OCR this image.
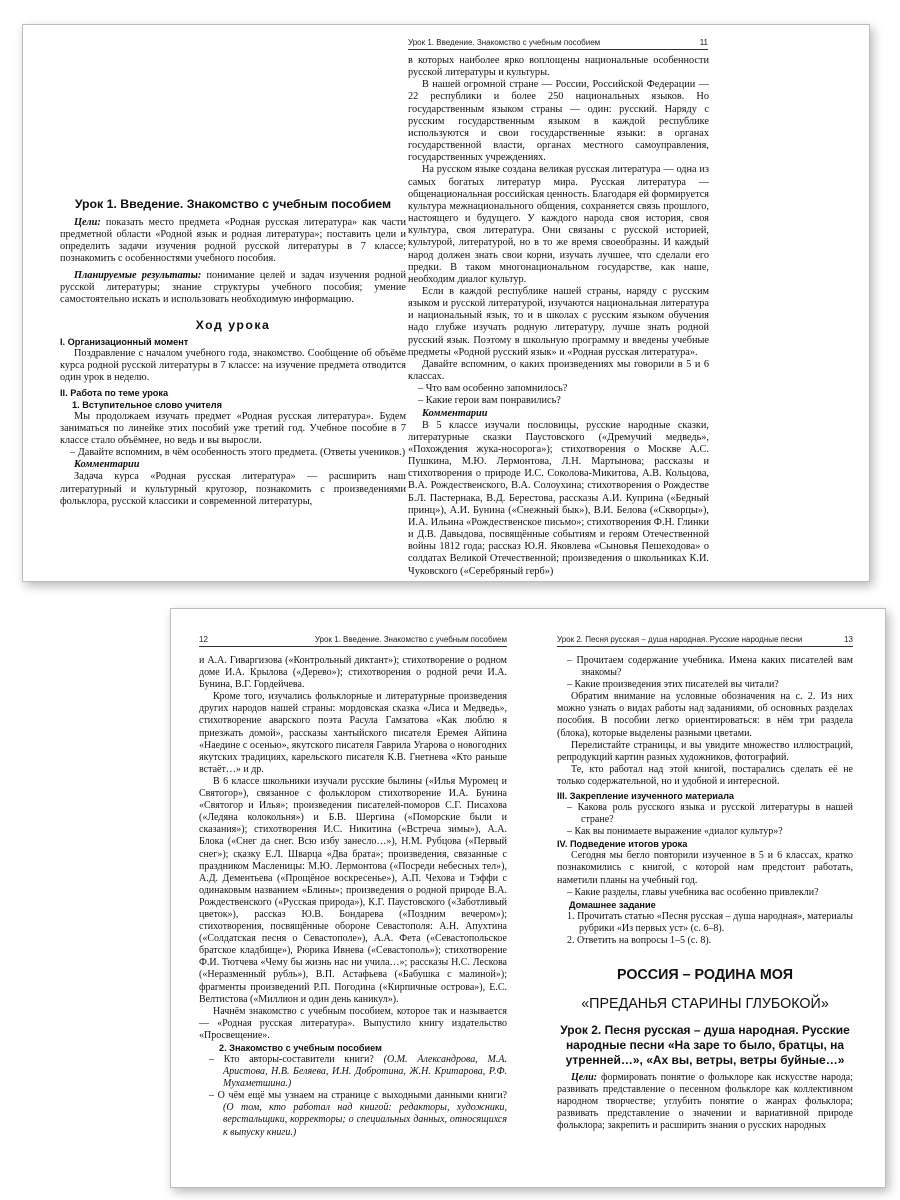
Урок 1. Введение. Знакомство с учебным пособием

Цели: показать место предмета «Родная русская литература» как части предметной области «Родной язык и родная литература»; поставить цели и определить задачи изучения родной русской литературы в 7 классе; познакомить с особенностями учебного пособия.

Планируемые результаты: понимание целей и задач изучения родной русской литературы; знание структуры учебного пособия; умение самостоятельно искать и использовать необходимую информацию.

Ход урока

I. Организационный момент

Поздравление с началом учебного года, знакомство. Сообщение об объёме курса родной русской литературы в 7 классе: на изучение предмета отводится один урок в неделю.

II. Работа по теме урока

1. Вступительное слово учителя

Мы продолжаем изучать предмет «Родная русская литература». Будем заниматься по линейке этих пособий уже третий год. Учебное пособие в 7 классе стало объёмнее, но ведь и вы выросли.

– Давайте вспомним, в чём особенность этого предмета. (Ответы учеников.)

Комментарии

Задача курса «Родная русская литература» — расширить наш литературный и культурный кругозор, познакомить с произведениями фольклора, русской классики и современной литературы,

Урок 1. Введение. Знакомство с учебным пособием	11

в которых наиболее ярко воплощены национальные особенности русской литературы и культуры.

В нашей огромной стране — России, Российской Федерации — 22 республики и более 250 национальных языков. Но государственным языком страны — один: русский. Наряду с русским государственным языком в каждой республике используются и свои государственные языки: в органах государственной власти, органах местного самоуправления, государственных учреждениях.

На русском языке создана великая русская литература — одна из самых богатых литератур мира. Русская литература — общенациональная российская ценность. Благодаря ей формируется культура межнационального общения, сохраняется связь прошлого, настоящего и будущего. У каждого народа своя история, своя культура, своя литература. Они связаны с русской историей, культурой, литературой, но в то же время своеобразны. И каждый народ должен знать свои корни, изучать лучшее, что сделали его предки. В таком многонациональном государстве, как наше, необходим диалог культур.

Если в каждой республике нашей страны, наряду с русским языком и русской литературой, изучаются национальная литература и национальный язык, то и в школах с русским языком обучения надо глубже изучать родную литературу, лучше знать родной русский язык. Поэтому в школьную программу и введены учебные предметы «Родной русский язык» и «Родная русская литература».

Давайте вспомним, о каких произведениях мы говорили в 5 и 6 классах.

– Что вам особенно запомнилось?

– Какие герои вам понравились?

Комментарии

В 5 классе изучали пословицы, русские народные сказки, литературные сказки Паустовского («Дремучий медведь», «Похождения жука-носорога»); стихотворения о Москве А.С. Пушкина, М.Ю. Лермонтова, Л.Н. Мартынова; рассказы и стихотворения о природе И.С. Соколова-Микитова, А.В. Кольцова, В.А. Рождественского, В.А. Солоухина; стихотворения о Рождестве Б.Л. Пастернака, В.Д. Берестова, рассказы А.И. Куприна («Бедный принц»), А.И. Бунина («Снежный бык»), В.И. Белова («Скворцы»), И.А. Ильина «Рождественское письмо»; стихотворения Ф.Н. Глинки и Д.В. Давыдова, посвящённые событиям и героям Отечественной войны 1812 года; рассказ Ю.Я. Яковлева «Сыновья Пешеходова» о солдатах Великой Отечественной; произведения о школьниках К.И. Чуковского («Серебряный герб»)

12	Урок 1. Введение. Знакомство с учебным пособием

и А.А. Гиваргизова («Контрольный диктант»); стихотворение о родном доме И.А. Крылова («Дерево»); стихотворения о родной речи И.А. Бунина, В.Г. Гордейчева.

Кроме того, изучались фольклорные и литературные произведения других народов нашей страны: мордовская сказка «Лиса и Медведь», стихотворение аварского поэта Расула Гамзатова «Как люблю я приезжать домой», рассказы хантыйского писателя Еремея Айпина «Наедине с осенью», якутского писателя Гаврила Угарова о новогодних якутских традициях, карельского писателя К.В. Гнетнева «Кто раньше встаёт…» и др.

В 6 классе школьники изучали русские былины («Илья Муромец и Святогор»), связанное с фольклором стихотворение И.А. Бунина «Святогор и Илья»; произведения писателей-поморов С.Г. Писахова («Ледяна колокольня») и Б.В. Шергина («Поморские были и сказания»); стихотворения И.С. Никитина («Встреча зимы»), А.А. Блока («Снег да снег. Всю избу занесло…»), Н.М. Рубцова («Первый снег»); сказку Е.Л. Шварца «Два брата»; произведения, связанные с праздником Масленицы: М.Ю. Лермонтова («Посреди небесных тел»), А.Д. Дементьева («Прощёное воскресенье»), А.П. Чехова и Тэффи с одинаковым названием «Блины»; произведения о родной природе В.А. Рождественского («Русская природа»), К.Г. Паустовского («Заботливый цветок»), рассказ Ю.В. Бондарева («Поздним вечером»); стихотворения, посвящённые обороне Севастополя: А.Н. Апухтина («Солдатская песня о Севастополе»), А.А. Фета («Севастопольское братское кладбище»), Рюрика Ивнева («Севастополь»); стихотворение Ф.И. Тютчева «Чему бы жизнь нас ни учила…»; рассказы Н.С. Лескова («Неразменный рубль»), В.П. Астафьева («Бабушка с малиной»); фрагменты произведений Р.П. Погодина («Кирпичные острова»), Е.С. Велтистова («Миллион и один день каникул»).

Начнём знакомство с учебным пособием, которое так и называется — «Родная русская литература». Выпустило книгу издательство «Просвещение».

2. Знакомство с учебным пособием

– Кто авторы-составители книги? (О.М. Александрова, М.А. Аристова, Н.В. Беляева, И.Н. Добротина, Ж.Н. Критарова, Р.Ф. Мухаметшина.)

– О чём ещё мы узнаем на странице с выходными данными книги? (О том, кто работал над книгой: редакторы, художники, верстальщики, корректоры; о специальных данных, относящихся к выпуску книги.)

Урок 2. Песня русская – душа народная. Русские народные песни	13

– Прочитаем содержание учебника. Имена каких писателей вам знакомы?

– Какие произведения этих писателей вы читали?

Обратим внимание на условные обозначения на с. 2. Из них можно узнать о видах работы над заданиями, об основных разделах пособия. В пособии легко ориентироваться: в нём три раздела (блока), которые выделены разными цветами.

Перелистайте страницы, и вы увидите множество иллюстраций, репродукций картин разных художников, фотографий.

Те, кто работал над этой книгой, постарались сделать её не только содержательной, но и удобной и интересной.

III. Закрепление изученного материала

– Какова роль русского языка и русской литературы в нашей стране?

– Как вы понимаете выражение «диалог культур»?

IV. Подведение итогов урока

Сегодня мы бегло повторили изученное в 5 и 6 классах, кратко познакомились с книгой, с которой нам предстоит работать, наметили планы на учебный год.

– Какие разделы, главы учебника вас особенно привлекли?

Домашнее задание

1. Прочитать статью «Песня русская – душа народная», материалы рубрики «Из первых уст» (с. 6–8).

2. Ответить на вопросы 1–5 (с. 8).

РОССИЯ – РОДИНА МОЯ

«ПРЕДАНЬЯ СТАРИНЫ ГЛУБОКОЙ»

Урок 2. Песня русская – душа народная. Русские народные песни «На заре то было, братцы, на утренней…», «Ах вы, ветры, ветры буйные…»

Цели: формировать понятие о фольклоре как искусстве народа; развивать представление о песенном фольклоре как коллективном народном творчестве; углубить понятие о жанрах фольклора; развивать представление о значении и вариативной природе фольклора; закрепить и расширить знания о русских народных
